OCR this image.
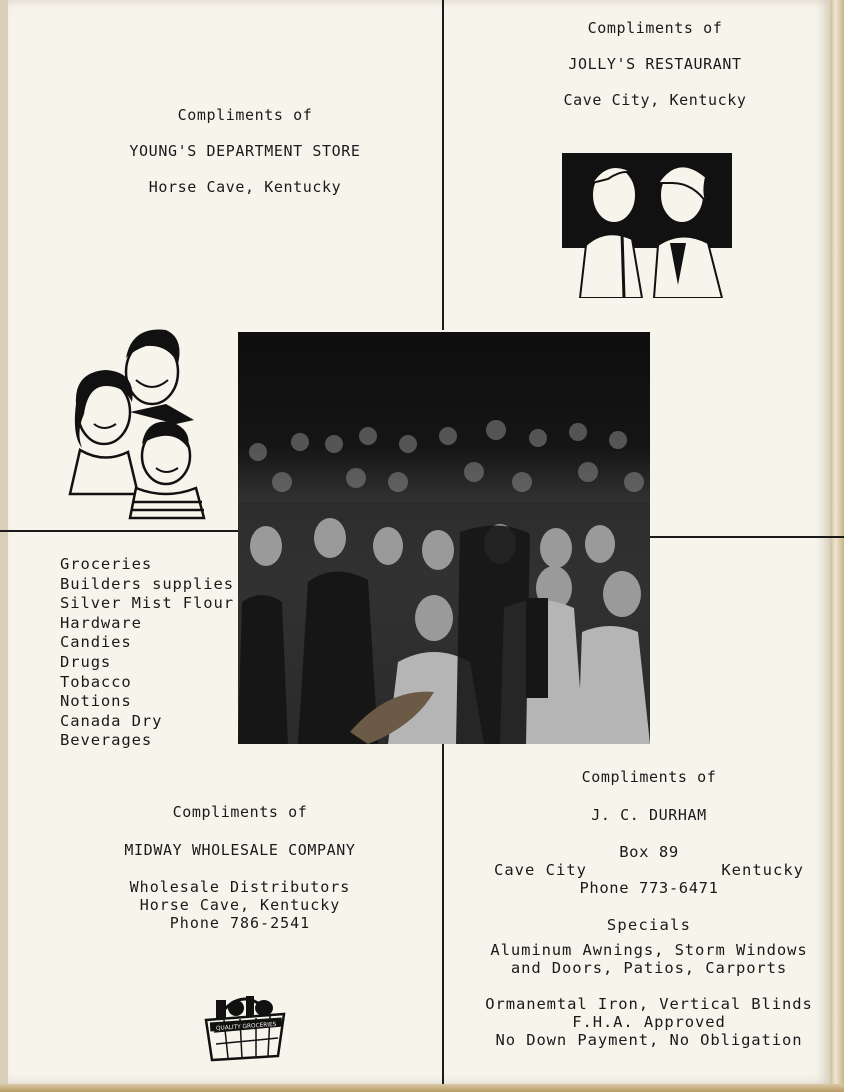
Compliments of
YOUNG'S DEPARTMENT STORE
Horse Cave, Kentucky
Compliments of
JOLLY'S RESTAURANT
Cave City, Kentucky
Groceries
Builders supplies
Silver Mist Flour
Hardware
Candies
Drugs
Tobacco
Notions
Canada Dry
Beverages
Compliments of
MIDWAY WHOLESALE COMPANY
Wholesale Distributors
Horse Cave, Kentucky
Phone 786-2541
QUALITY GROCERIES
Compliments of
J. C. DURHAM
Box 89
Cave City	Kentucky
Phone 773-6471
Specials
Aluminum Awnings, Storm Windows
and Doors, Patios, Carports
Ormanemtal Iron, Vertical Blinds
F.H.A. Approved
No Down Payment, No Obligation
